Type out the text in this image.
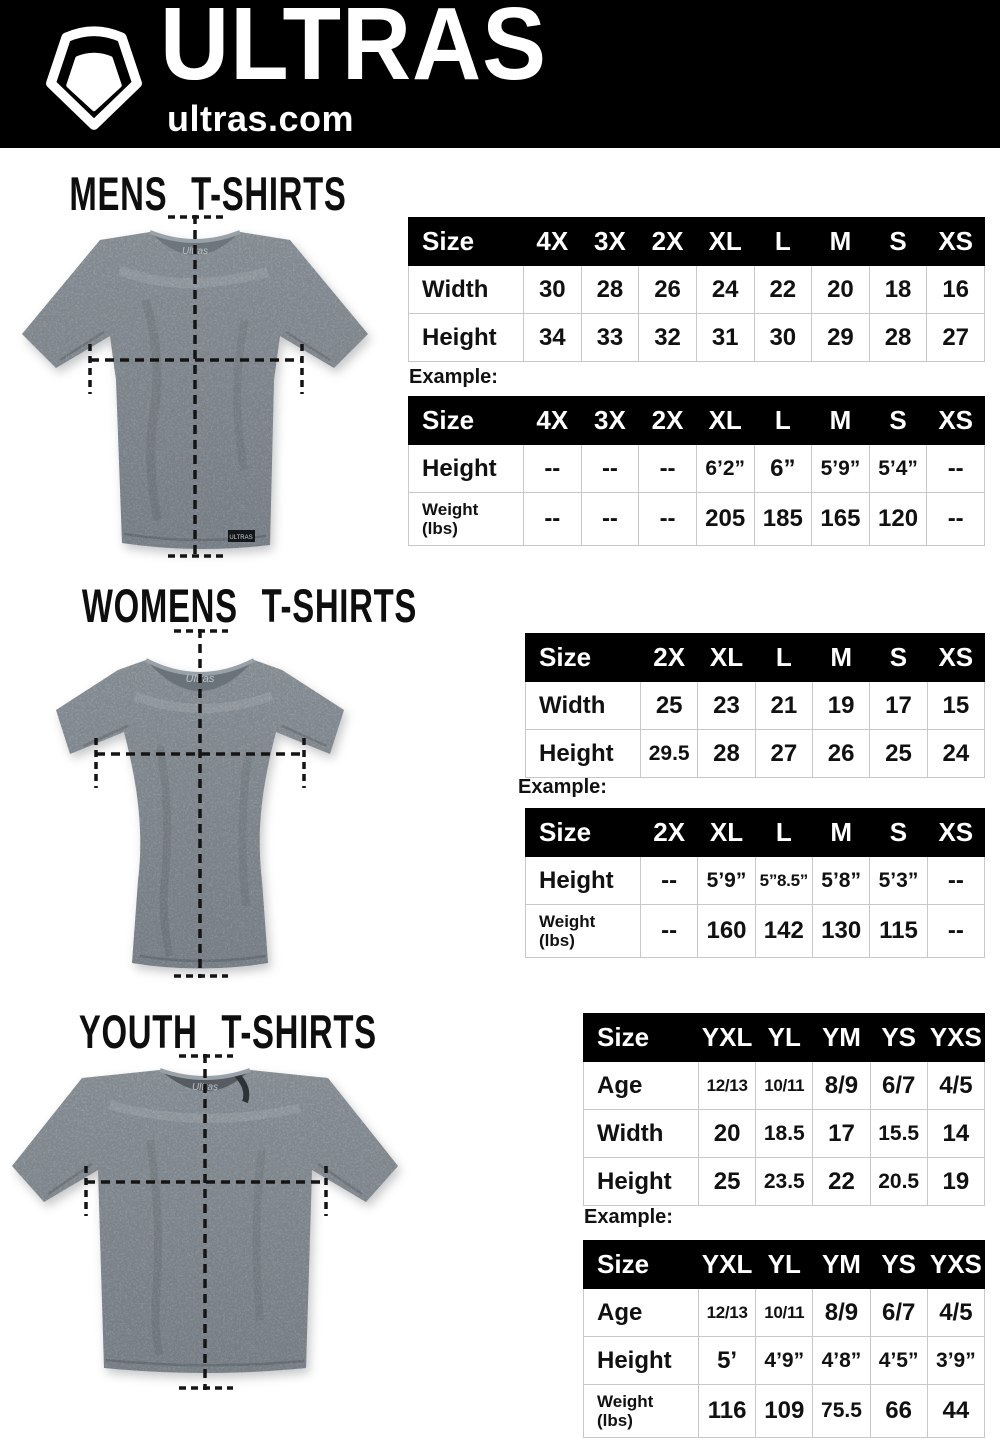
ULTRAS
ultras.com
MENS T-SHIRTS
WOMENS T-SHIRTS
YOUTH T-SHIRTS
Ultras
ULTRAS
Ultras
Ultras
Size	4X	3X	2X	XL	L	M	S	XS
Width	30	28	26	24	22	20	18	16
Height	34	33	32	31	30	29	28	27
Example:
Size	4X	3X	2X	XL	L	M	S	XS
Height	--	--	--	6’2”	6”	5’9”	5’4”	--
Weight
(lbs)	--	--	--	205	185	165	120	--
Size	2X	XL	L	M	S	XS
Width	25	23	21	19	17	15
Height	29.5	28	27	26	25	24
Example:
Size	2X	XL	L	M	S	XS
Height	--	5’9”	5”8.5”	5’8”	5’3”	--
Weight
(lbs)	--	160	142	130	115	--
Size	YXL	YL	YM	YS	YXS
Age	12/13	10/11	8/9	6/7	4/5
Width	20	18.5	17	15.5	14
Height	25	23.5	22	20.5	19
Example:
Size	YXL	YL	YM	YS	YXS
Age	12/13	10/11	8/9	6/7	4/5
Height	5’	4’9”	4’8”	4’5”	3’9”
Weight
(lbs)	116	109	75.5	66	44
